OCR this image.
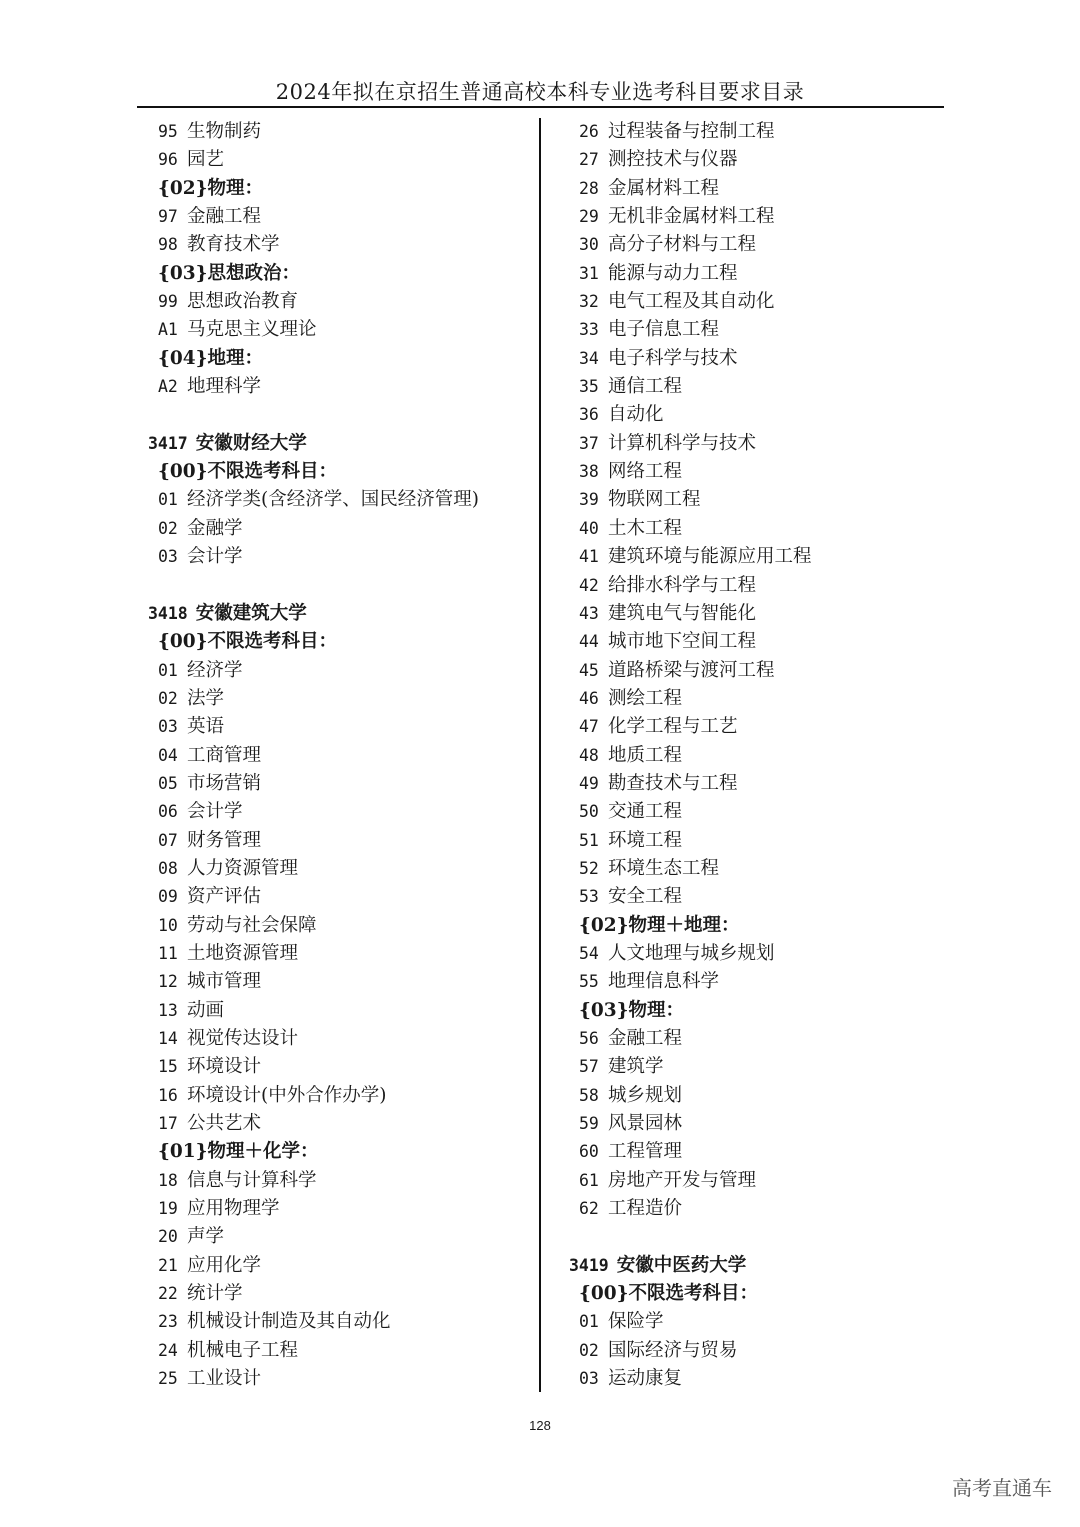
2024年拟在京招生普通高校本科专业选考科目要求目录
95 生物制药
96 园艺
{02}物理：
97 金融工程
98 教育技术学
{03}思想政治：
99 思想政治教育
A1 马克思主义理论
{04}地理：
A2 地理科学
3417 安徽财经大学
{00}不限选考科目：
01 经济学类(含经济学、国民经济管理)
02 金融学
03 会计学
3418 安徽建筑大学
{00}不限选考科目：
01 经济学
02 法学
03 英语
04 工商管理
05 市场营销
06 会计学
07 财务管理
08 人力资源管理
09 资产评估
10 劳动与社会保障
11 土地资源管理
12 城市管理
13 动画
14 视觉传达设计
15 环境设计
16 环境设计(中外合作办学)
17 公共艺术
{01}物理＋化学：
18 信息与计算科学
19 应用物理学
20 声学
21 应用化学
22 统计学
23 机械设计制造及其自动化
24 机械电子工程
25 工业设计
26 过程装备与控制工程
27 测控技术与仪器
28 金属材料工程
29 无机非金属材料工程
30 高分子材料与工程
31 能源与动力工程
32 电气工程及其自动化
33 电子信息工程
34 电子科学与技术
35 通信工程
36 自动化
37 计算机科学与技术
38 网络工程
39 物联网工程
40 土木工程
41 建筑环境与能源应用工程
42 给排水科学与工程
43 建筑电气与智能化
44 城市地下空间工程
45 道路桥梁与渡河工程
46 测绘工程
47 化学工程与工艺
48 地质工程
49 勘查技术与工程
50 交通工程
51 环境工程
52 环境生态工程
53 安全工程
{02}物理＋地理：
54 人文地理与城乡规划
55 地理信息科学
{03}物理：
56 金融工程
57 建筑学
58 城乡规划
59 风景园林
60 工程管理
61 房地产开发与管理
62 工程造价
3419 安徽中医药大学
{00}不限选考科目：
01 保险学
02 国际经济与贸易
03 运动康复
128
高考直通车
